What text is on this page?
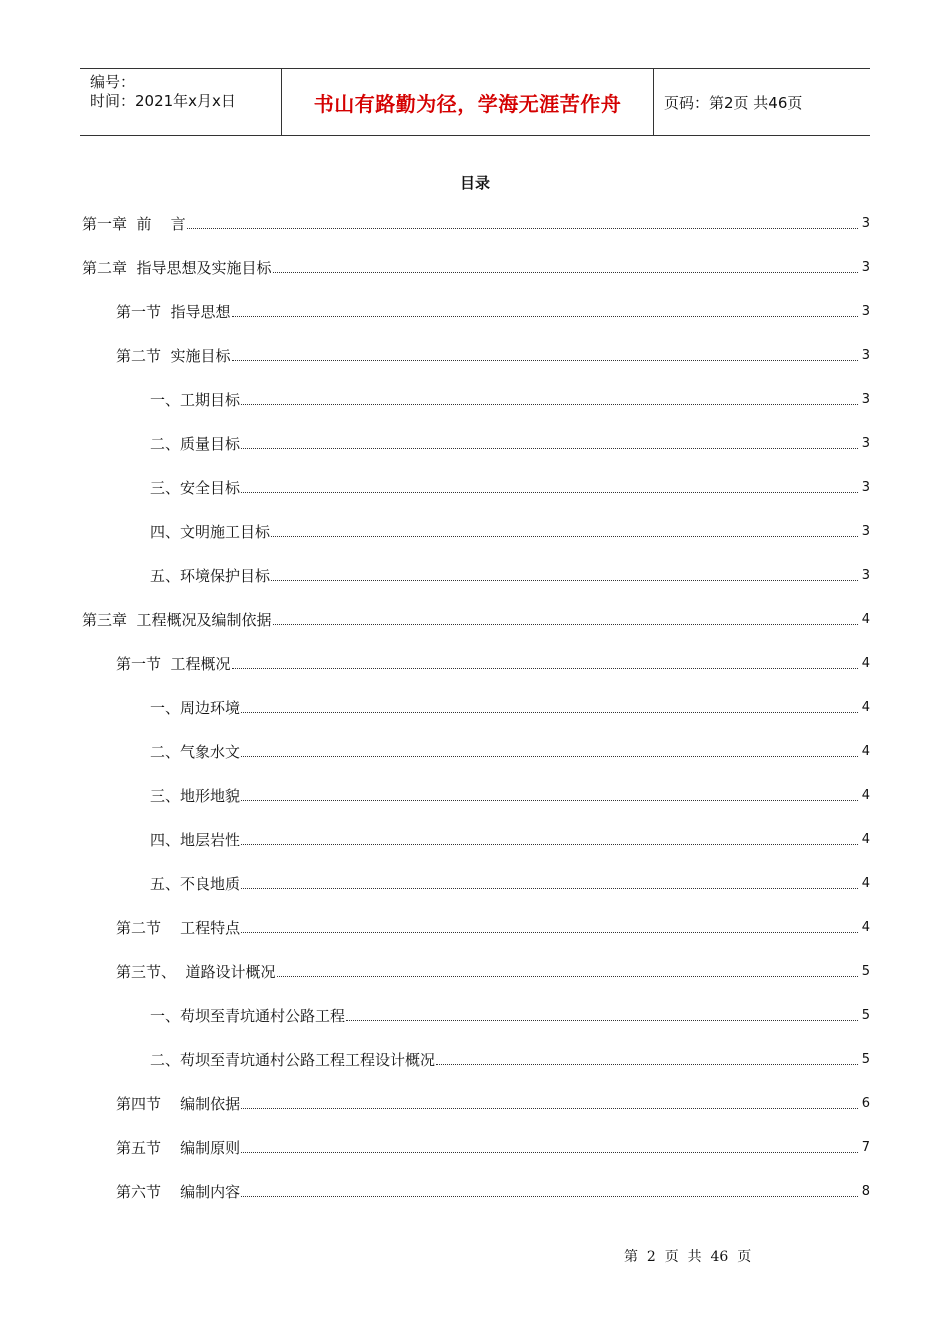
编号：
时间：2021年x月x日	书山有路勤为径，学海无涯苦作舟	页码：第2页 共46页
目录
第一章  前    言	3
第二章  指导思想及实施目标	3
第一节  指导思想	3
第二节  实施目标	3
一、工期目标	3
二、质量目标	3
三、安全目标	3
四、文明施工目标	3
五、环境保护目标	3
第三章  工程概况及编制依据	4
第一节  工程概况	4
一、周边环境	4
二、气象水文	4
三、地形地貌	4
四、地层岩性	4
五、不良地质	4
第二节    工程特点	4
第三节、  道路设计概况	5
一、苟坝至青坑通村公路工程	5
二、苟坝至青坑通村公路工程工程设计概况	5
第四节    编制依据	6
第五节    编制原则	7
第六节    编制内容	8
第  2  页  共  46  页
